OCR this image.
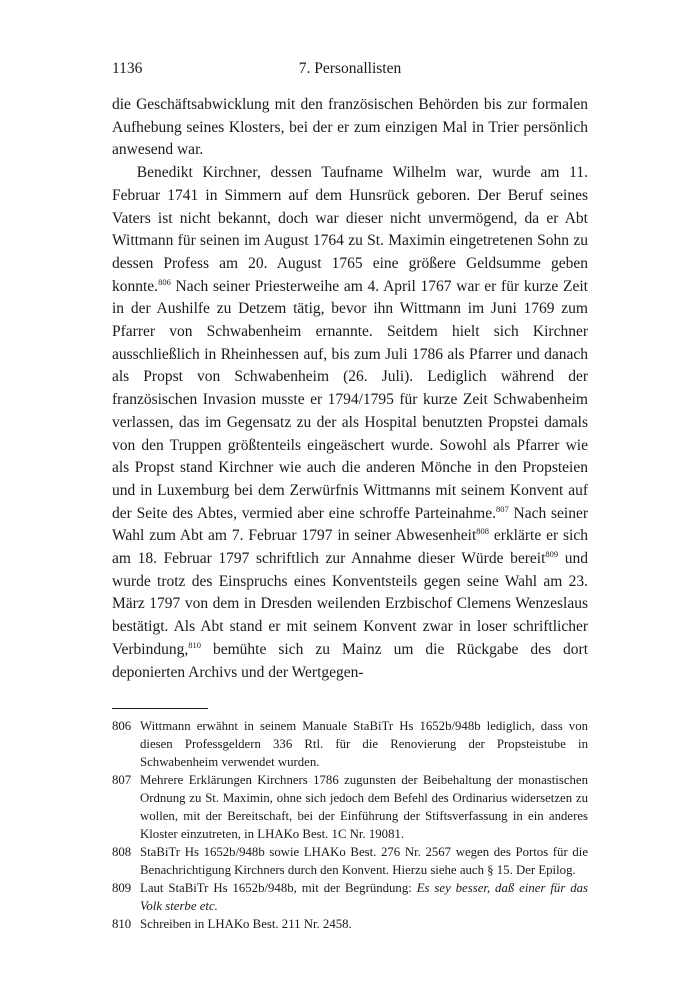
1136	7. Personallisten

die Geschäftsabwicklung mit den französischen Behörden bis zur formalen Aufhebung seines Klosters, bei der er zum einzigen Mal in Trier persönlich anwesend war.

Benedikt Kirchner, dessen Taufname Wilhelm war, wurde am 11. Februar 1741 in Simmern auf dem Hunsrück geboren. Der Beruf seines Vaters ist nicht bekannt, doch war dieser nicht unvermögend, da er Abt Wittmann für seinen im August 1764 zu St. Maximin eingetretenen Sohn zu dessen Profess am 20. August 1765 eine größere Geldsumme geben konnte.$^{806}$ Nach seiner Priesterweihe am 4. April 1767 war er für kurze Zeit in der Aushilfe zu Detzem tätig, bevor ihn Wittmann im Juni 1769 zum Pfarrer von Schwabenheim ernannte. Seitdem hielt sich Kirchner ausschließlich in Rheinhessen auf, bis zum Juli 1786 als Pfarrer und danach als Propst von Schwabenheim (26. Juli). Lediglich während der französischen Invasion musste er 1794/1795 für kurze Zeit Schwabenheim verlassen, das im Gegensatz zu der als Hospital benutzten Propstei damals von den Truppen größtenteils eingeäschert wurde. Sowohl als Pfarrer wie als Propst stand Kirchner wie auch die anderen Mönche in den Propsteien und in Luxemburg bei dem Zerwürfnis Wittmanns mit seinem Konvent auf der Seite des Abtes, vermied aber eine schroffe Parteinahme.$^{807}$ Nach seiner Wahl zum Abt am 7. Februar 1797 in seiner Abwesenheit$^{808}$ erklärte er sich am 18. Februar 1797 schriftlich zur Annahme dieser Würde bereit$^{809}$ und wurde trotz des Einspruchs eines Konventsteils gegen seine Wahl am 23. März 1797 von dem in Dresden weilenden Erzbischof Clemens Wenzeslaus bestätigt. Als Abt stand er mit seinem Konvent zwar in loser schriftlicher Verbindung,$^{810}$ bemühte sich zu Mainz um die Rückgabe des dort deponierten Archivs und der Wertgegen-

806 Wittmann erwähnt in seinem Manuale StaBiTr Hs 1652b/948b lediglich, dass von diesen Professgeldern 336 Rtl. für die Renovierung der Propsteistube in Schwabenheim verwendet wurden.
807 Mehrere Erklärungen Kirchners 1786 zugunsten der Beibehaltung der monastischen Ordnung zu St. Maximin, ohne sich jedoch dem Befehl des Ordinarius widersetzen zu wollen, mit der Bereitschaft, bei der Einführung der Stiftsverfassung in ein anderes Kloster einzutreten, in LHAKo Best. 1C Nr. 19081.
808 StaBiTr Hs 1652b/948b sowie LHAKo Best. 276 Nr. 2567 wegen des Portos für die Benachrichtigung Kirchners durch den Konvent. Hierzu siehe auch § 15. Der Epilog.
809 Laut StaBiTr Hs 1652b/948b, mit der Begründung: Es sey besser, daß einer für das Volk sterbe etc.
810 Schreiben in LHAKo Best. 211 Nr. 2458.
